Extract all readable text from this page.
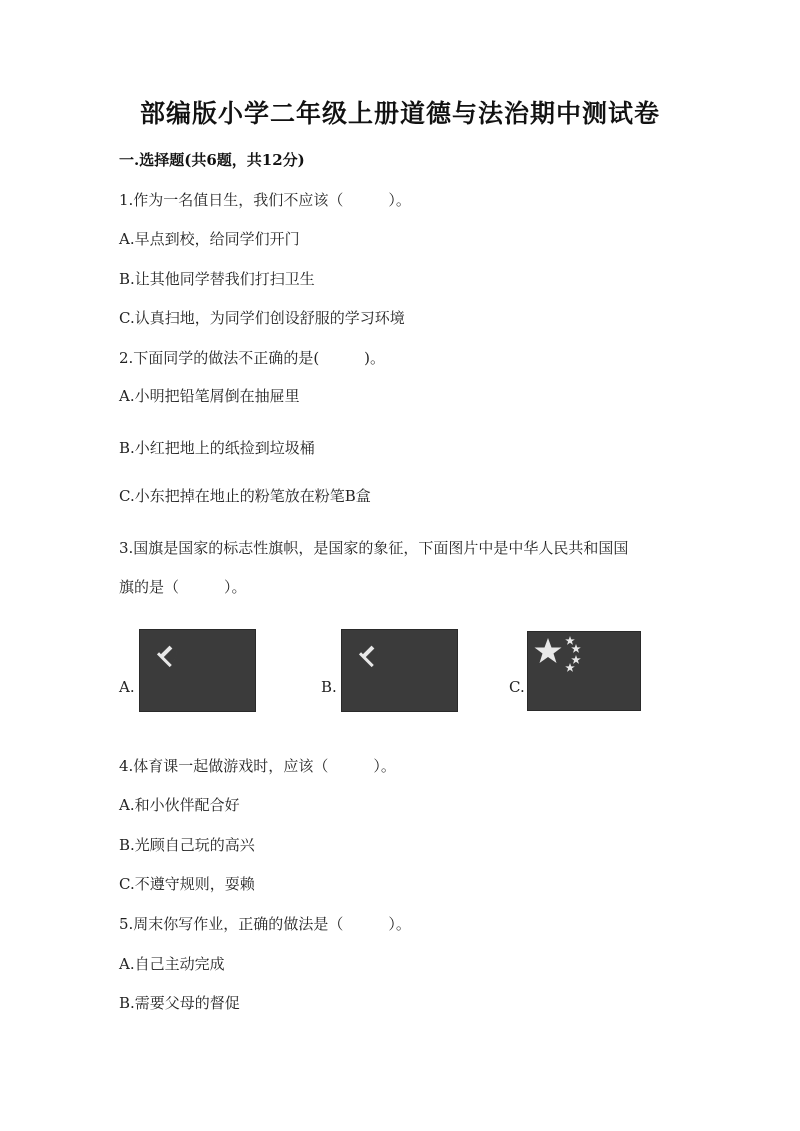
部编版小学二年级上册道德与法治期中测试卷
一.选择题(共6题，共12分)
1.作为一名值日生，我们不应该（　　　）。
A.早点到校，给同学们开门
B.让其他同学替我们打扫卫生
C.认真扫地，为同学们创设舒服的学习环境
2.下面同学的做法不正确的是(　　　)。
A.小明把铅笔屑倒在抽屉里
B.小红把地上的纸捡到垃圾桶
C.小东把掉在地止的粉笔放在粉笔B盒
3.国旗是国家的标志性旗帜，是国家的象征，下面图片中是中华人民共和国国
旗的是（　　　）。
A.	B.	C.
4.体育课一起做游戏时，应该（　　　）。
A.和小伙伴配合好
B.光顾自己玩的高兴
C.不遵守规则，耍赖
5.周末你写作业，正确的做法是（　　　）。
A.自己主动完成
B.需要父母的督促
